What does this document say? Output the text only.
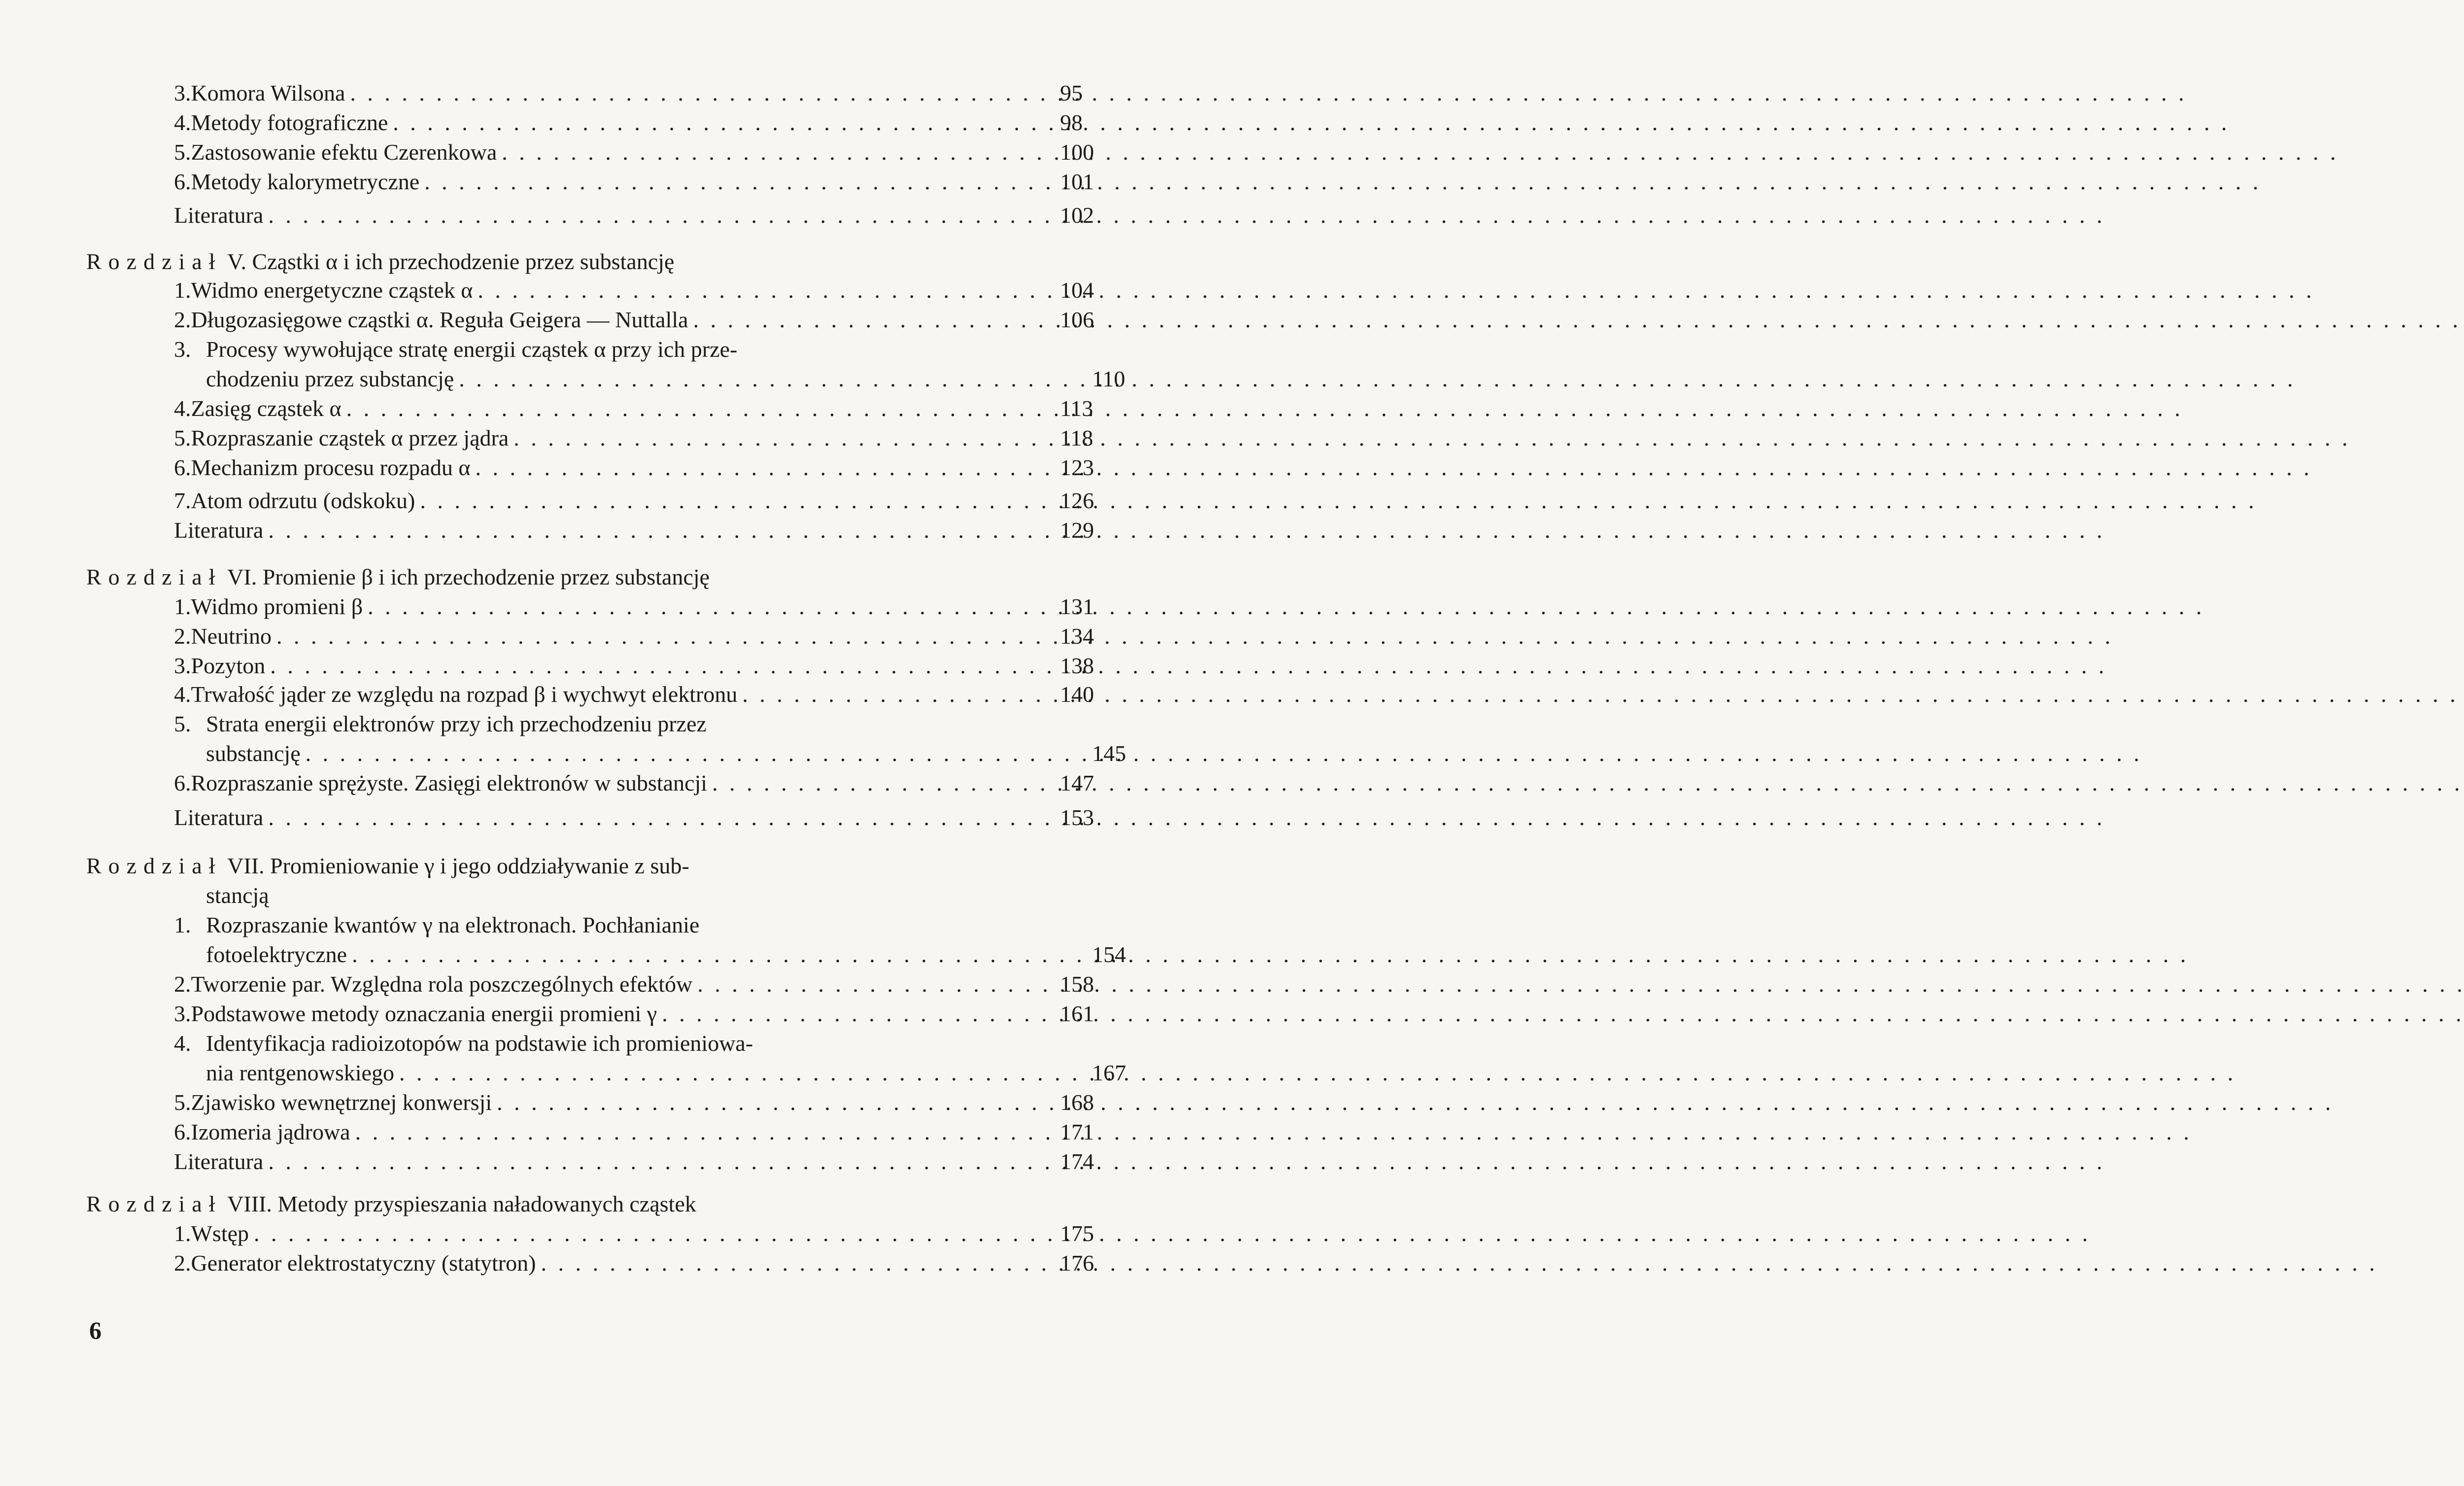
3. Komora Wilsona . . .	95
4. Metody fotograficzne . . .	98
5. Zastosowanie efektu Czerenkowa . . .	100
6. Metody kalorymetryczne . . .	101
Literatura . . .	102
Rozdział V. Cząstki α i ich przechodzenie przez substancję
1. Widmo energetyczne cząstek α . . .	104
2. Długozasięgowe cząstki α. Reguła Geigera — Nuttalla . . .	106
3. Procesy wywołujące stratę energii cząstek α przy ich prze-
chodzeniu przez substancję . . .	110
4. Zasięg cząstek α . . .	113
5. Rozpraszanie cząstek α przez jądra . . .	118
6. Mechanizm procesu rozpadu α . . .	123
7. Atom odrzutu (odskoku) . . .	126
Literatura . . .	129
Rozdział VI. Promienie β i ich przechodzenie przez substancję
1. Widmo promieni β . . .	131
2. Neutrino . . .	134
3. Pozyton . . .	138
4. Trwałość jąder ze względu na rozpad β i wychwyt elektronu . . .	140
5. Strata energii elektronów przy ich przechodzeniu przez
substancję . . .	145
6. Rozpraszanie sprężyste. Zasięgi elektronów w substancji . . .	147
Literatura . . .	153
Rozdział VII. Promieniowanie γ i jego oddziaływanie z sub-
stancją
1. Rozpraszanie kwantów γ na elektronach. Pochłanianie
fotoelektryczne . . .	154
2. Tworzenie par. Względna rola poszczególnych efektów . . .	158
3. Podstawowe metody oznaczania energii promieni γ . . .	161
4. Identyfikacja radioizotopów na podstawie ich promieniowa-
nia rentgenowskiego . . .	167
5. Zjawisko wewnętrznej konwersji . . .	168
6. Izomeria jądrowa . . .	171
Literatura . . .	174
Rozdział VIII. Metody przyspieszania naładowanych cząstek
1. Wstęp . . .	175
2. Generator elektrostatyczny (statytron) . . .	176
6
